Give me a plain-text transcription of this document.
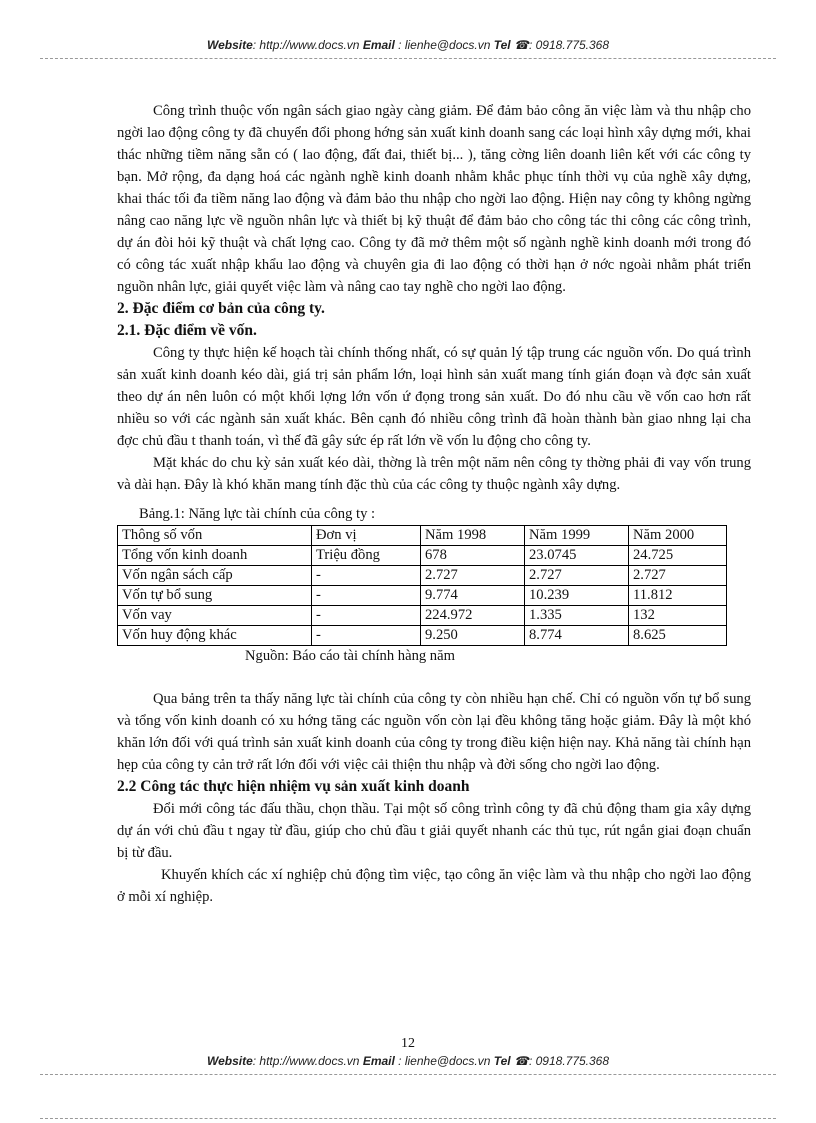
Website: http://www.docs.vn Email : lienhe@docs.vn Tel ☎: 0918.775.368

Công trình thuộc vốn ngân sách giao ngày càng giảm. Để đảm bảo công ăn việc làm và thu nhập cho ngời lao động công ty đã chuyển đổi phong hớng sản xuất kinh doanh sang các loại hình xây dựng mới, khai thác những tiềm năng sẵn có ( lao động, đất đai, thiết bị... ), tăng cờng liên doanh liên kết với các công ty bạn. Mở rộng, đa dạng hoá các ngành nghề kinh doanh nhằm khắc phục tính thời vụ của nghề xây dựng, khai thác tối đa tiềm năng lao động và đảm bảo thu nhập cho ngời lao động. Hiện nay công ty không ngừng nâng cao năng lực về nguồn nhân lực và thiết bị kỹ thuật để đảm bảo cho công tác thi công các công trình, dự án đòi hỏi kỹ thuật và chất lợng cao. Công ty đã mở thêm một số ngành nghề kinh doanh mới trong đó có công tác xuất nhập khẩu lao động và chuyên gia đi lao động có thời hạn ở nớc ngoài nhằm phát triển nguồn nhân lực, giải quyết việc làm và nâng cao tay nghề cho ngời lao động.

2. Đặc điểm cơ bản của công ty.
2.1. Đặc điểm về vốn.

Công ty thực hiện kế hoạch tài chính thống nhất, có sự quản lý tập trung các nguồn vốn. Do quá trình sản xuất kinh doanh kéo dài, giá trị sản phẩm lớn, loại hình sản xuất mang tính gián đoạn và đợc sản xuất theo dự án nên luôn có một khối lợng lớn vốn ứ đọng trong sản xuất. Do đó nhu cầu về vốn cao hơn rất nhiều so với các ngành sản xuất khác. Bên cạnh đó nhiều công trình đã hoàn thành bàn giao nhng lại cha đợc chủ đầu t thanh toán, vì thế đã gây sức ép rất lớn về vốn lu động cho công ty.

Mặt khác do chu kỳ sản xuất kéo dài, thờng là trên một năm nên công ty thờng phải đi vay vốn trung và dài hạn. Đây là khó khăn mang tính đặc thù của các công ty thuộc ngành xây dựng.

Bảng.1: Năng lực tài chính của công ty :
Thông số vốn	Đơn vị	Năm 1998	Năm 1999	Năm 2000
Tổng vốn kinh doanh	Triệu đồng	678	23.0745	24.725
Vốn ngân sách cấp	-	2.727	2.727	2.727
Vốn tự bổ sung	-	9.774	10.239	11.812
Vốn vay	-	224.972	1.335	132
Vốn huy động khác	-	9.250	8.774	8.625
Nguồn: Báo cáo tài chính hàng năm

Qua bảng trên ta thấy năng lực tài chính của công ty còn nhiều hạn chế. Chỉ có nguồn vốn tự bổ sung và tổng vốn kinh doanh có xu hớng tăng các nguồn vốn còn lại đều không tăng hoặc giảm. Đây là một khó khăn lớn đối với quá trình sản xuất kinh doanh của công ty trong điều kiện hiện nay. Khả năng tài chính hạn hẹp của công ty cản trở rất lớn đối với việc cải thiện thu nhập và đời sống cho ngời lao động.

2.2 Công tác thực hiện nhiệm vụ sản xuất kinh doanh

Đổi mới công tác đấu thầu, chọn thầu. Tại một số công trình công ty đã chủ động tham gia xây dựng dự án với chủ đầu t ngay từ đầu, giúp cho chủ đầu t giải quyết nhanh các thủ tục, rút ngắn giai đoạn chuẩn bị từ đầu.

Khuyến khích các xí nghiệp chủ động tìm việc, tạo công ăn việc làm và thu nhập cho ngời lao động ở mỗi xí nghiệp.

12
Website: http://www.docs.vn Email : lienhe@docs.vn Tel ☎: 0918.775.368
